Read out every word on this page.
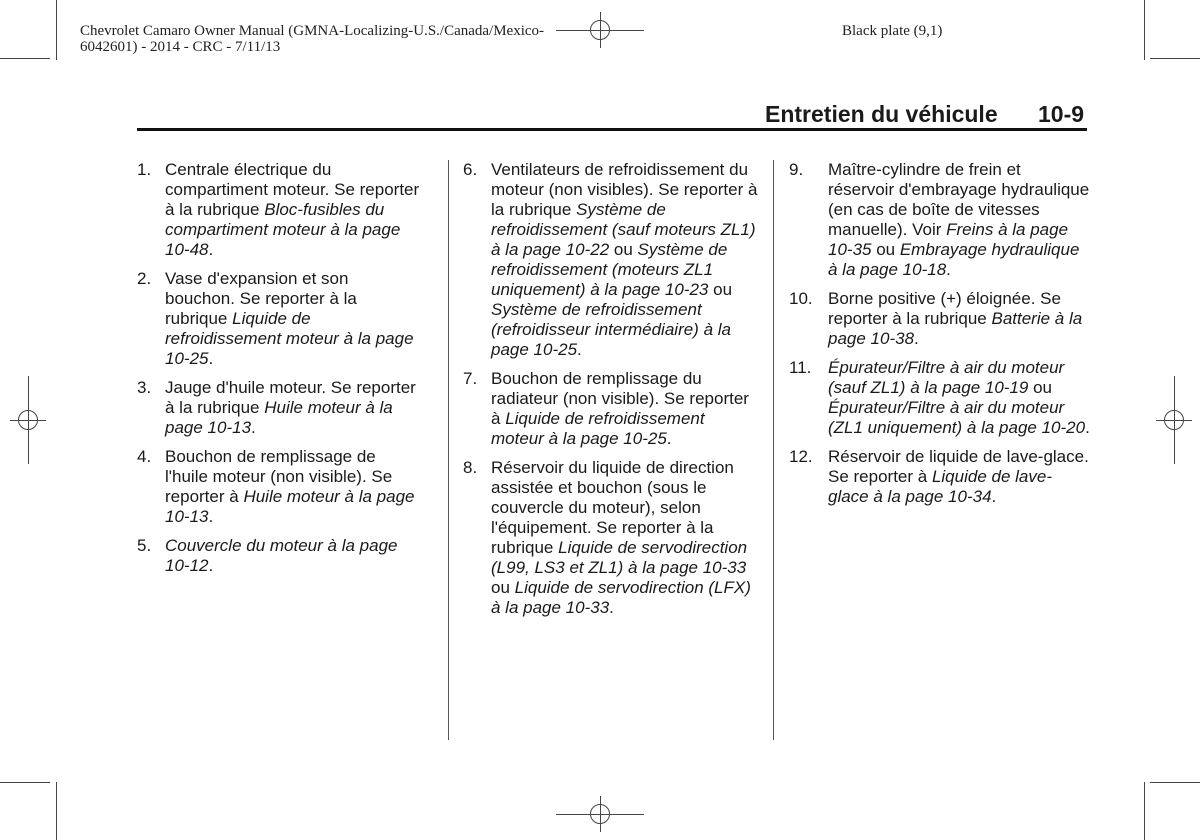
Chevrolet Camaro Owner Manual (GMNA-Localizing-U.S./Canada/Mexico-
6042601) - 2014 - CRC - 7/11/13
Black plate (9,1)
Entretien du véhicule 10-9
1. Centrale électrique du compartiment moteur. Se reporter à la rubrique Bloc-fusibles du compartiment moteur à la page 10-48.
2. Vase d'expansion et son bouchon. Se reporter à la rubrique Liquide de refroidissement moteur à la page 10-25.
3. Jauge d'huile moteur. Se reporter à la rubrique Huile moteur à la page 10-13.
4. Bouchon de remplissage de l'huile moteur (non visible). Se reporter à Huile moteur à la page 10-13.
5. Couvercle du moteur à la page 10-12.
6. Ventilateurs de refroidissement du moteur (non visibles). Se reporter à la rubrique Système de refroidissement (sauf moteurs ZL1) à la page 10-22 ou Système de refroidissement (moteurs ZL1 uniquement) à la page 10-23 ou Système de refroidissement (refroidisseur intermédiaire) à la page 10-25.
7. Bouchon de remplissage du radiateur (non visible). Se reporter à Liquide de refroidissement moteur à la page 10-25.
8. Réservoir du liquide de direction assistée et bouchon (sous le couvercle du moteur), selon l'équipement. Se reporter à la rubrique Liquide de servodirection (L99, LS3 et ZL1) à la page 10-33 ou Liquide de servodirection (LFX) à la page 10-33.
9.	Maître-cylindre de frein et réservoir d'embrayage hydraulique (en cas de boîte de vitesses manuelle). Voir Freins à la page 10-35 ou Embrayage hydraulique à la page 10-18.
10. Borne positive (+) éloignée. Se reporter à la rubrique Batterie à la page 10-38.
11. Épurateur/Filtre à air du moteur (sauf ZL1) à la page 10-19 ou Épurateur/Filtre à air du moteur (ZL1 uniquement) à la page 10-20.
12. Réservoir de liquide de lave-glace. Se reporter à Liquide de lave-glace à la page 10-34.
